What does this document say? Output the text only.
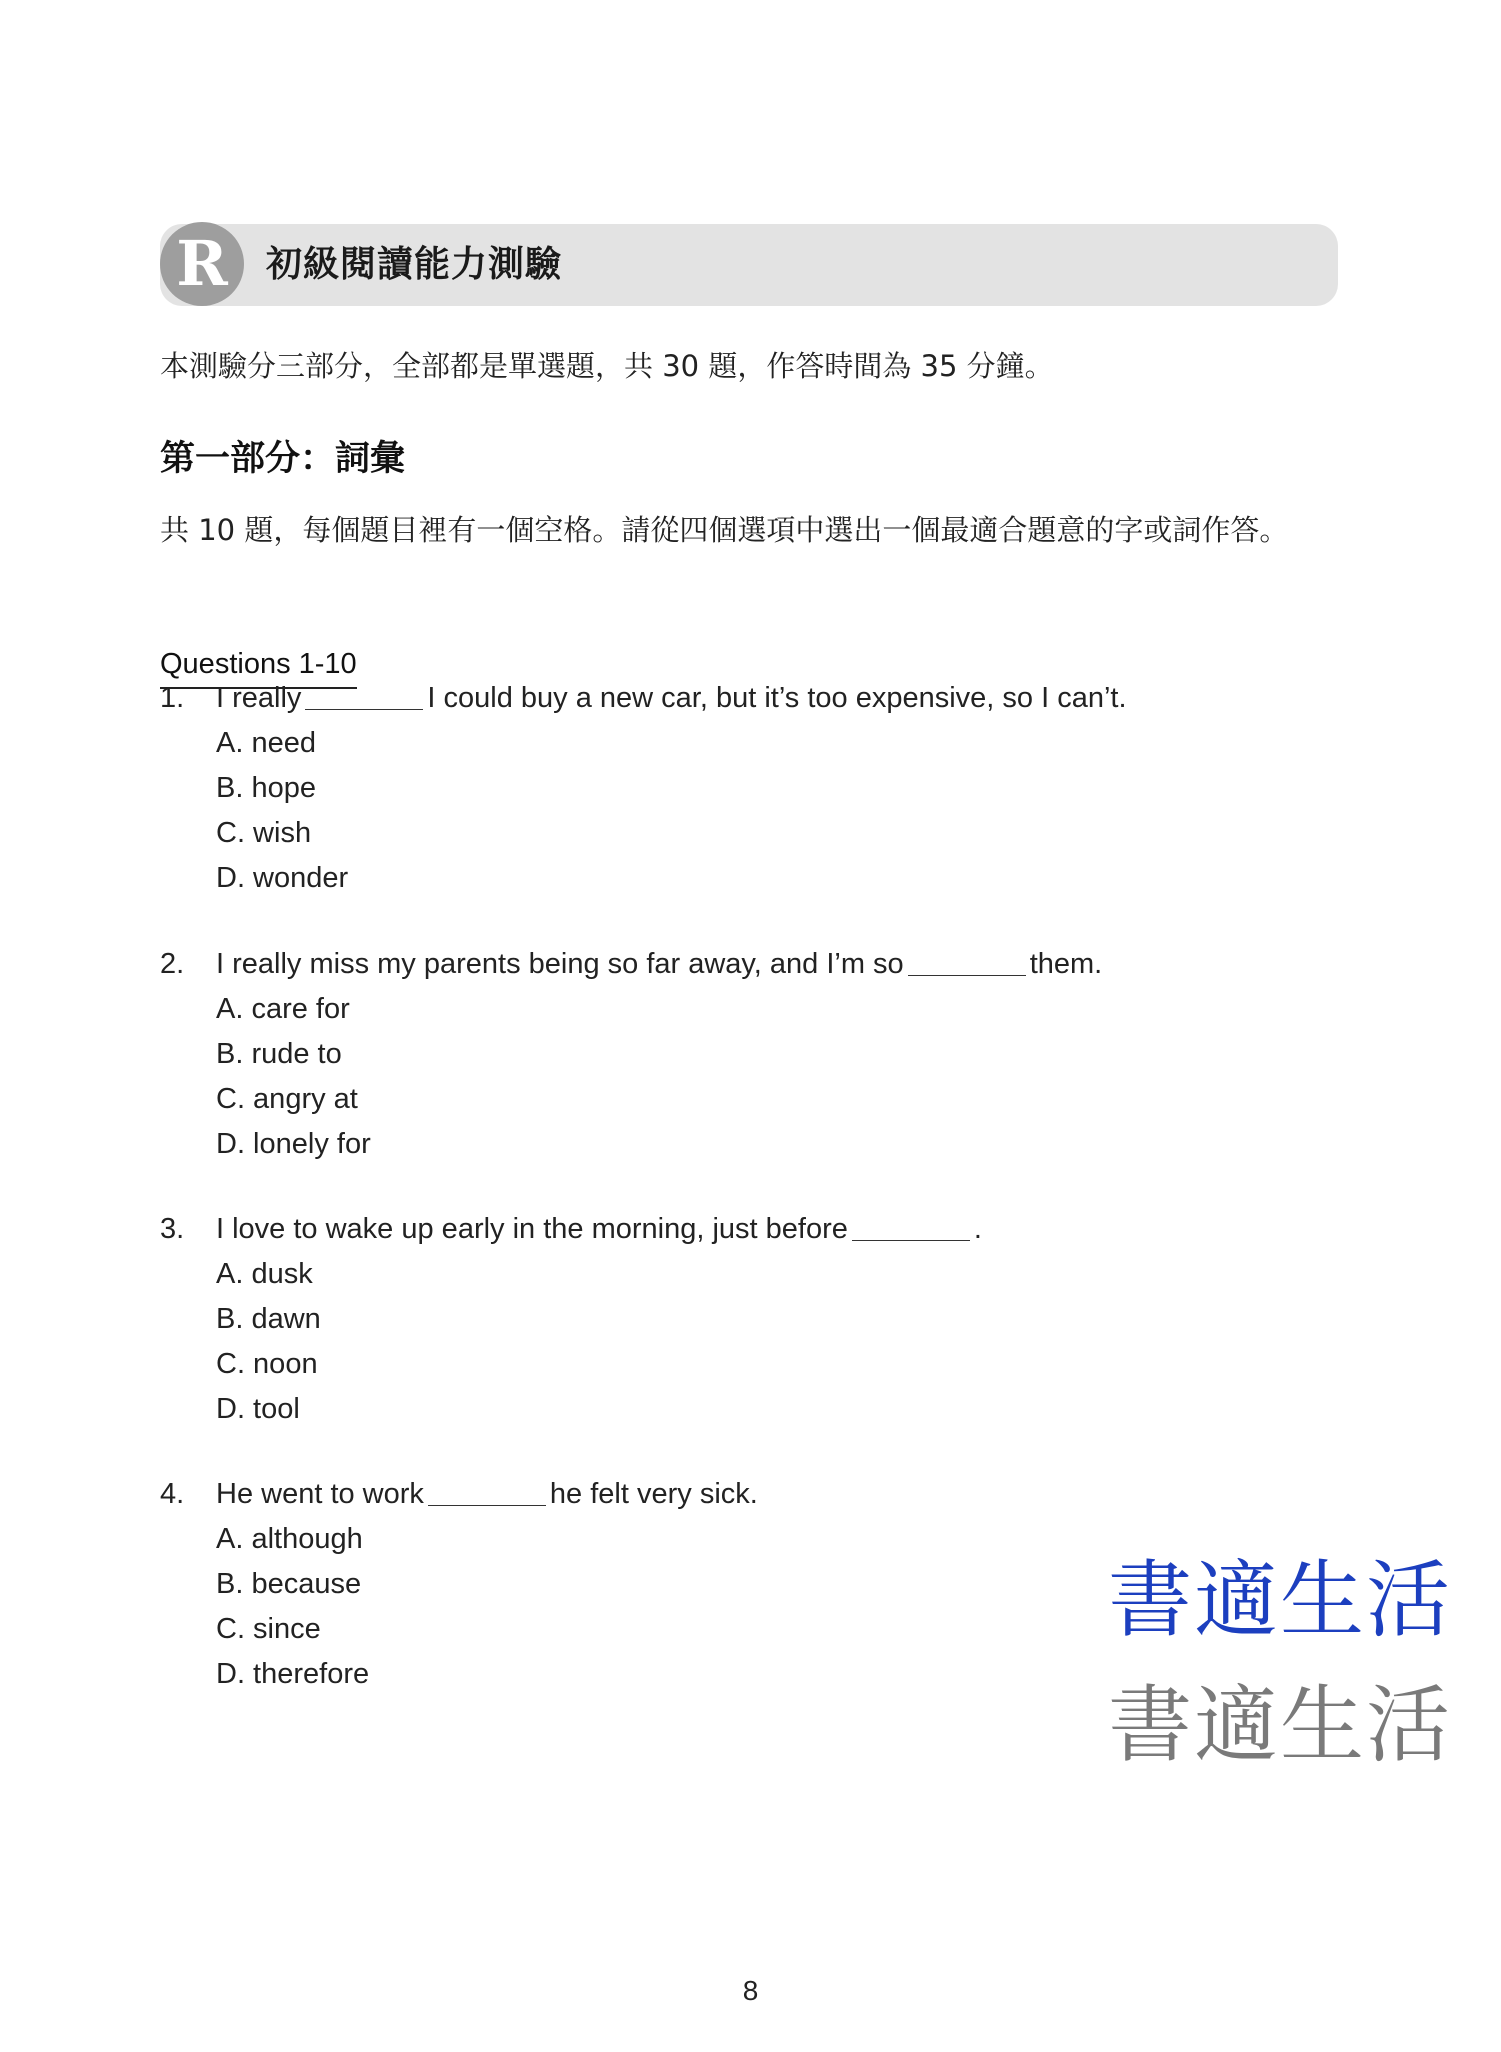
R	初級閱讀能力測驗
本測驗分三部分，全部都是單選題，共 30 題，作答時間為 35 分鐘。
第一部分：詞彙
共 10 題，每個題目裡有一個空格。請從四個選項中選出一個最適合題意的字或詞作答。
Questions 1-10
1. I really	I could buy a new car, but it’s too expensive, so I can’t.
A. need
B. hope
C. wish
D. wonder
2. I really miss my parents being so far away, and I’m so	them.
A. care for
B. rude to
C. angry at
D. lonely for
3. I love to wake up early in the morning, just before	.
A. dusk
B. dawn
C. noon
D. tool
4. He went to work	he felt very sick.
A. although
B. because
C. since
D. therefore
書適生活
書適生活
8
